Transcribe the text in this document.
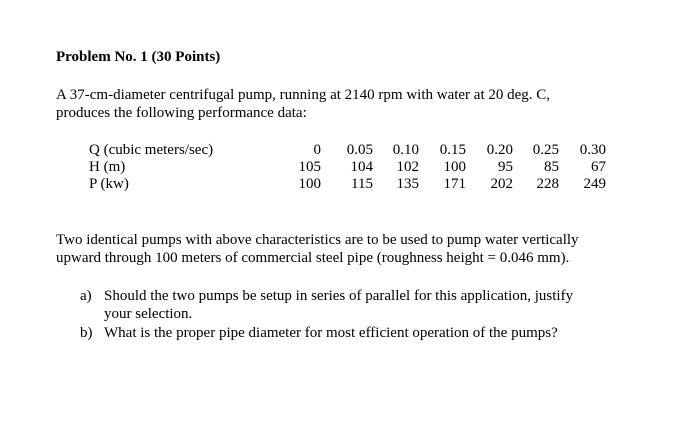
Problem No. 1 (30 Points)
A 37-cm-diameter centrifugal pump, running at 2140 rpm with water at 20 deg. C,
produces the following performance data:
Q (cubic meters/sec)	0	0.05	0.10	0.15	0.20	0.25	0.30
H (m)	105	104	102	100	95	85	67
P (kw)	100	115	135	171	202	228	249
Two identical pumps with above characteristics are to be used to pump water vertically
upward through 100 meters of commercial steel pipe (roughness height = 0.046 mm).
a) Should the two pumps be setup in series of parallel for this application, justify
your selection.
b) What is the proper pipe diameter for most efficient operation of the pumps?
